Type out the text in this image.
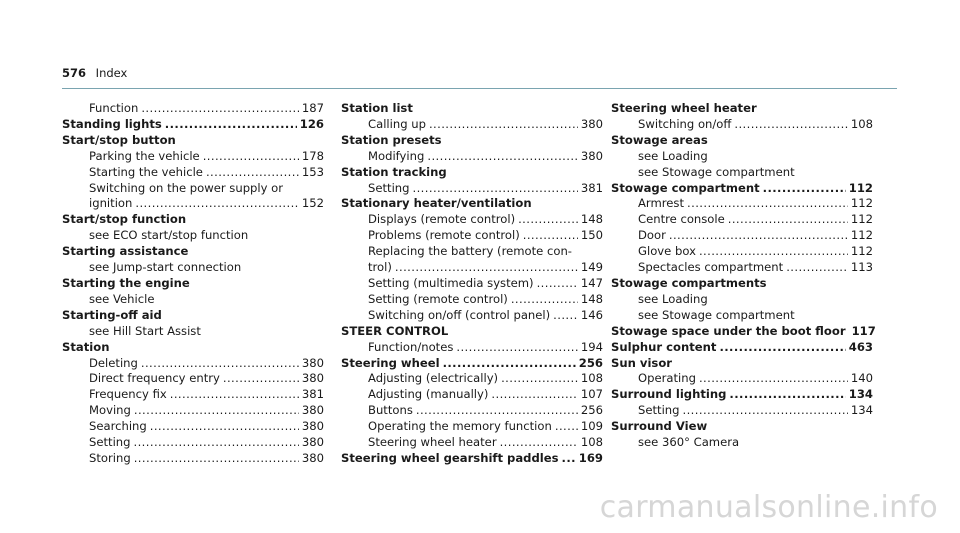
576 Index
Function .....	187
Standing lights .....	126
Start/stop button
Parking the vehicle .....	178
Starting the vehicle .....	153
Switching on the power supply or
ignition .....	152
Start/stop function
see ECO start/stop function
Starting assistance
see Jump-start connection
Starting the engine
see Vehicle
Starting-off aid
see Hill Start Assist
Station
Deleting .....	380
Direct frequency entry .....	380
Frequency fix .....	381
Moving .....	380
Searching .....	380
Setting .....	380
Storing .....	380
Station list
Calling up .....	380
Station presets
Modifying .....	380
Station tracking
Setting .....	381
Stationary heater/ventilation
Displays (remote control) .....	148
Problems (remote control) .....	150
Replacing the battery (remote con-
trol) .....	149
Setting (multimedia system) .....	147
Setting (remote control) .....	148
Switching on/off (control panel) .....	146
STEER CONTROL
Function/notes .....	194
Steering wheel .....	256
Adjusting (electrically) .....	108
Adjusting (manually) .....	107
Buttons .....	256
Operating the memory function .....	109
Steering wheel heater .....	108
Steering wheel gearshift paddles ..... 169
Steering wheel heater
Switching on/off .....	108
Stowage areas
see Loading
see Stowage compartment
Stowage compartment .....	112
Armrest .....	112
Centre console .....	112
Door .....	112
Glove box .....	112
Spectacles compartment .....	113
Stowage compartments
see Loading
see Stowage compartment
Stowage space under the boot floor 117
Sulphur content .....	463
Sun visor
Operating .....	140
Surround lighting .....	134
Setting .....	134
Surround View
see 360° Camera
carmanualsonline.info
